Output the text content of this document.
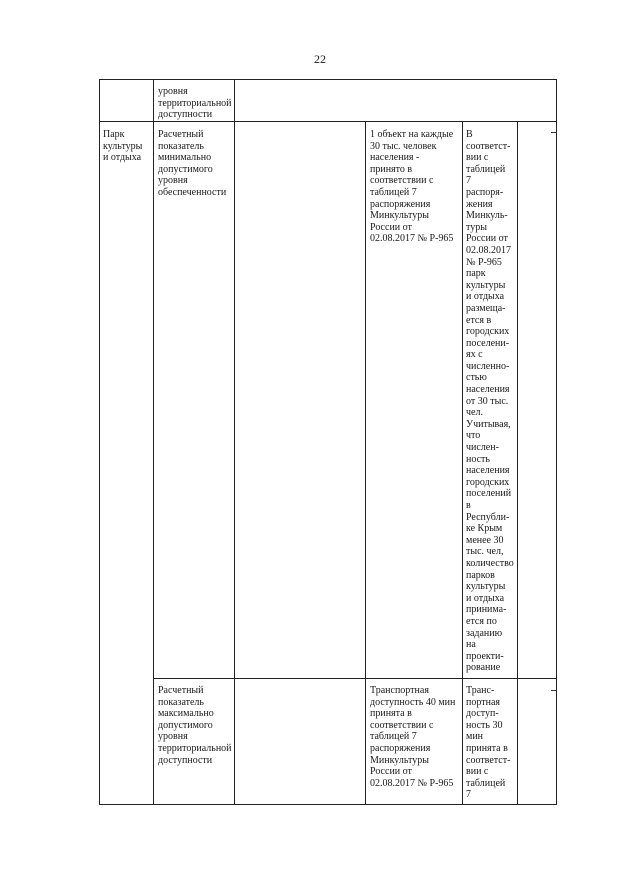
22
уровня
территориальной
доступности
Парк
культуры
и отдыха
Расчетный
показатель
минимально
допустимого
уровня
обеспеченности
1 объект на каждые
30 тыс. человек
населения -
принято в
соответствии с
таблицей 7
распоряжения
Минкультуры
России от
02.08.2017 № Р-965
В
соответст-
вии с
таблицей
7
распоря-
жения
Минкуль-
туры
России от
02.08.2017
№ Р-965
парк
культуры
и отдыха
размеща-
ется в
городских
поселени-
ях с
численно-
стью
населения
от 30 тыс.
чел.
Учитывая,
что
числен-
ность
населения
городских
поселений
в
Республи-
ке Крым
менее 30
тыс. чел,
количество
парков
культуры
и отдыха
принима-
ется по
заданию
на
проекти-
рование
Расчетный
показатель
максимально
допустимого
уровня
территориальной
доступности
Транспортная
доступность 40 мин
принята в
соответствии с
таблицей 7
распоряжения
Минкультуры
России от
02.08.2017 № Р-965
Транс-
портная
доступ-
ность 30
мин
принята в
соответст-
вии с
таблицей
7
